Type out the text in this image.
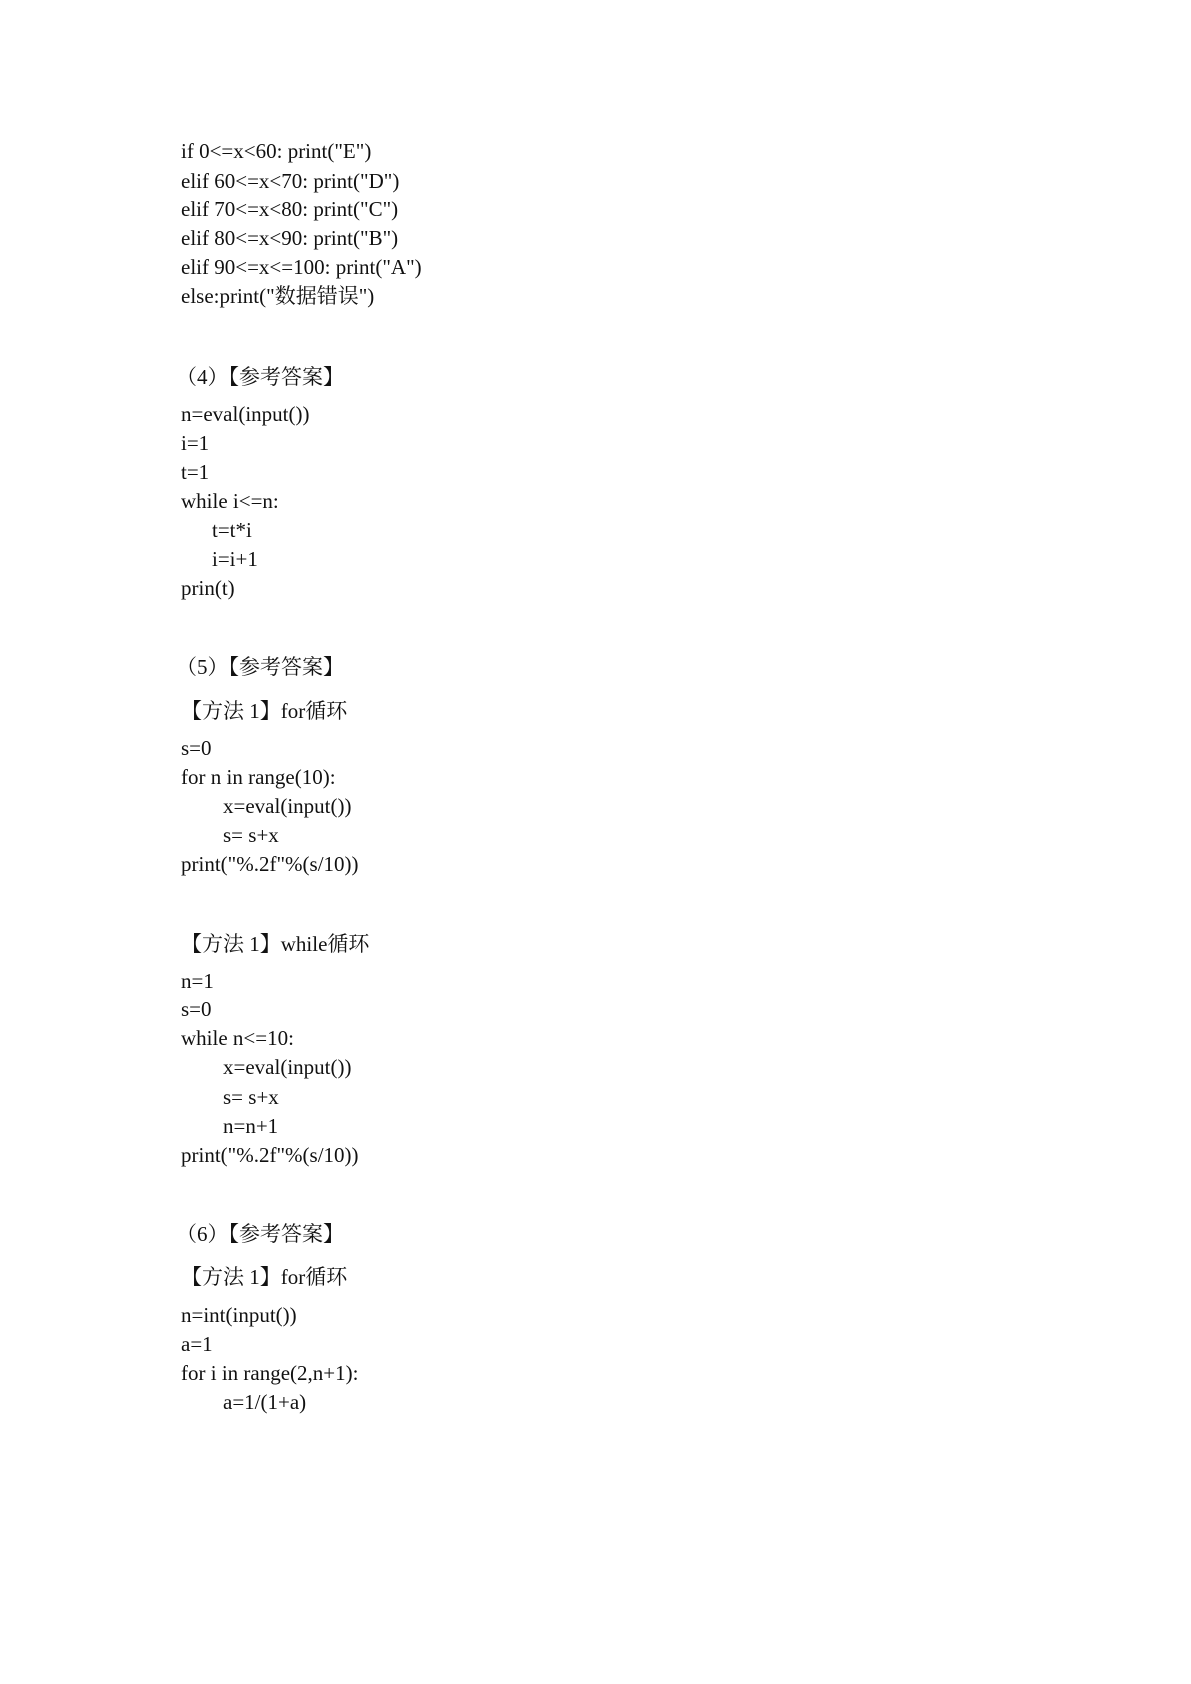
if 0<=x<60: print("E")
elif 60<=x<70: print("D")
elif 70<=x<80: print("C")
elif 80<=x<90: print("B")
elif 90<=x<=100: print("A")
else:print("数据错误")
（4）【参考答案】
n=eval(input())
i=1
t=1
while i<=n:
t=t*i
i=i+1
prin(t)
（5）【参考答案】
【方法 1】for循环
s=0
for n in range(10):
x=eval(input())
s= s+x
print("%.2f"%(s/10))
【方法 1】while循环
n=1
s=0
while n<=10:
x=eval(input())
s= s+x
n=n+1
print("%.2f"%(s/10))
（6）【参考答案】
【方法 1】for循环
n=int(input())
a=1
for i in range(2,n+1):
a=1/(1+a)
